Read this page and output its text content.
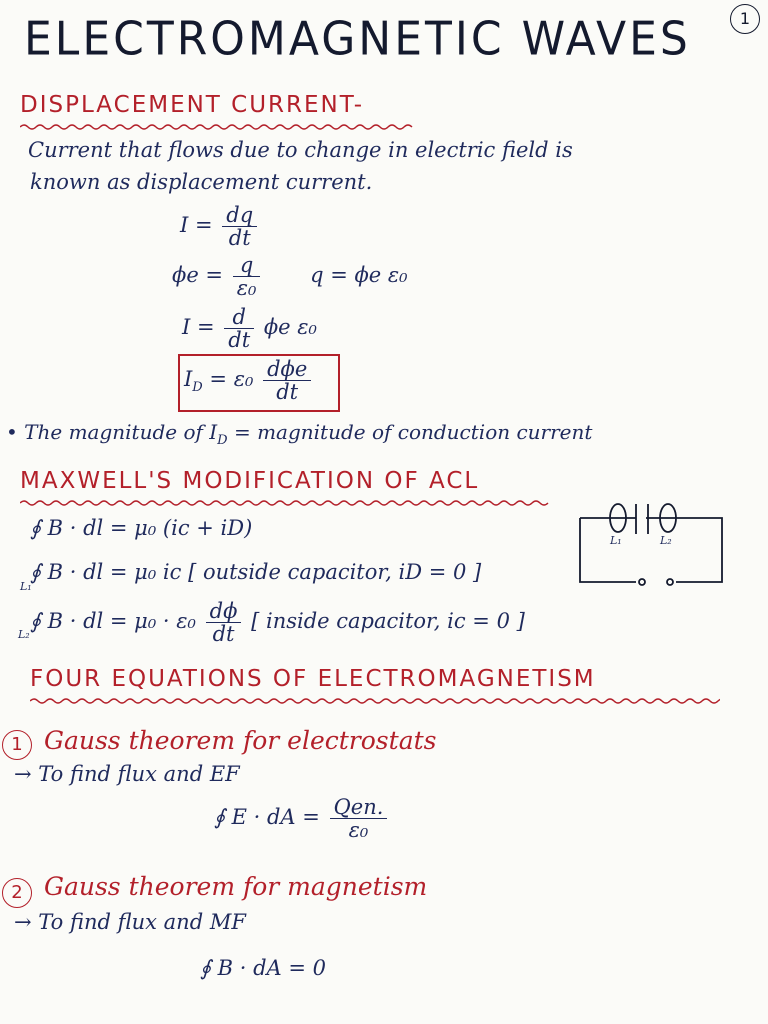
ELECTROMAGNETIC WAVES	1
DISPLACEMENT CURRENT-
Current that flows due to change in electric field is
known as displacement current.
$I = \frac{dq}{dt}$
$\phi e = \frac{q}{\text{ε₀}}$ q = ϕe ε₀
$I = \frac{d}{dt}$ ϕe ε₀
$I_D = \varepsilon_0 \frac{\text{dϕe}}{dt}$
• The magnitude of $I_D$ = magnitude of conduction current
MAXWELL'S MODIFICATION OF ACL
∮ B · dl = μ₀ (ic + iD)
∮ B · dl = μ₀ ic [ outside capacitor, iD = 0 ]
L₁
∮ B · dl = $\mu_0 \cdot \varepsilon_0 \frac{d\phi}{dt}$ [ inside capacitor, ic = 0 ]
L₂
L₁	L₂
FOUR EQUATIONS OF ELECTROMAGNETISM
1 Gauss theorem for electrostats
→ To find flux and EF
∮ E · dA = $\frac{\text{Qen.}}{\text{ε₀}}$
2 Gauss theorem for magnetism
→ To find flux and MF
∮ B · dA = 0
